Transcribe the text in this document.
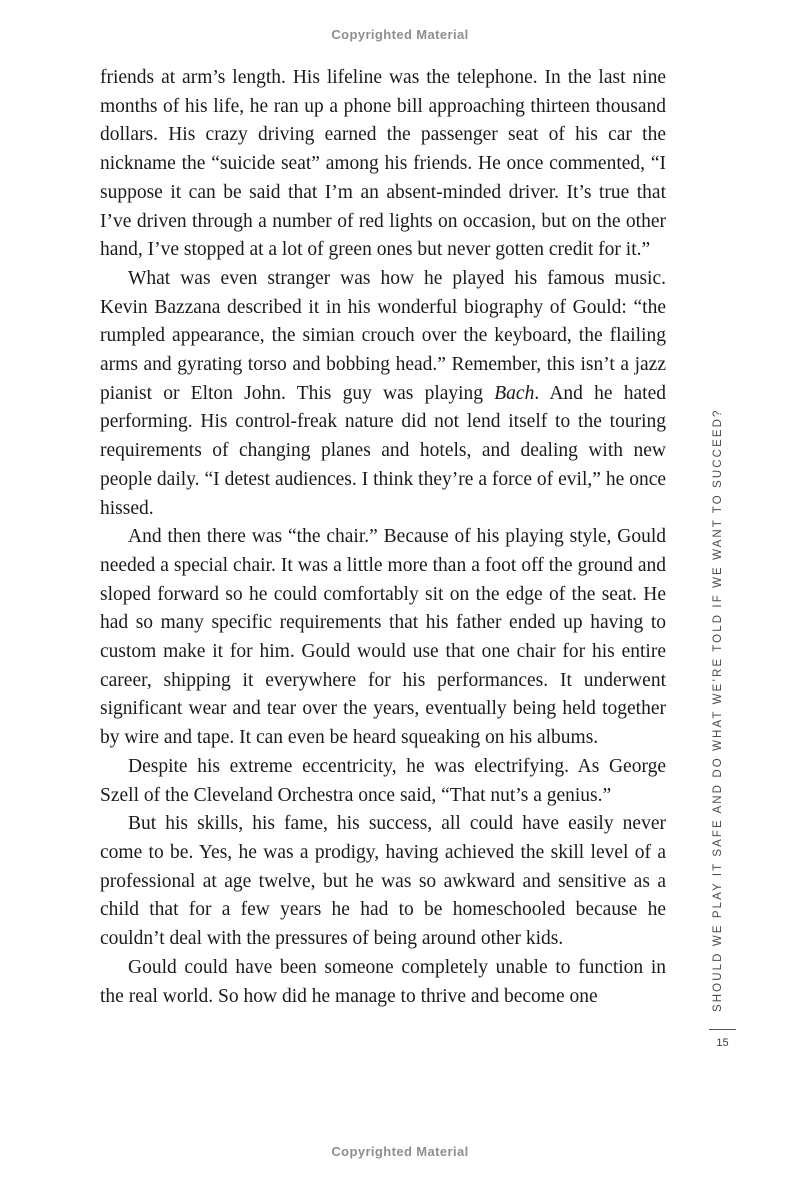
Copyrighted Material

friends at arm’s length. His lifeline was the telephone. In the last nine months of his life, he ran up a phone bill approaching thirteen thousand dollars. His crazy driving earned the passenger seat of his car the nickname the “suicide seat” among his friends. He once commented, “I suppose it can be said that I’m an absent-minded driver. It’s true that I’ve driven through a number of red lights on occasion, but on the other hand, I’ve stopped at a lot of green ones but never gotten credit for it.”

What was even stranger was how he played his famous music. Kevin Bazzana described it in his wonderful biography of Gould: “the rumpled appearance, the simian crouch over the keyboard, the flailing arms and gyrating torso and bobbing head.” Remember, this isn’t a jazz pianist or Elton John. This guy was playing Bach. And he hated performing. His control-freak nature did not lend itself to the touring requirements of changing planes and hotels, and dealing with new people daily. “I detest audiences. I think they’re a force of evil,” he once hissed.

And then there was “the chair.” Because of his playing style, Gould needed a special chair. It was a little more than a foot off the ground and sloped forward so he could comfortably sit on the edge of the seat. He had so many specific requirements that his father ended up having to custom make it for him. Gould would use that one chair for his entire career, shipping it everywhere for his performances. It underwent significant wear and tear over the years, eventually being held together by wire and tape. It can even be heard squeaking on his albums.

Despite his extreme eccentricity, he was electrifying. As George Szell of the Cleveland Orchestra once said, “That nut’s a genius.”

But his skills, his fame, his success, all could have easily never come to be. Yes, he was a prodigy, having achieved the skill level of a professional at age twelve, but he was so awkward and sensitive as a child that for a few years he had to be homeschooled because he couldn’t deal with the pressures of being around other kids.

Gould could have been someone completely unable to function in the real world. So how did he manage to thrive and become one	SHOULD WE PLAY IT SAFE AND DO WHAT WE’RE TOLD IF WE WANT TO SUCCEED?
15
Copyrighted Material
